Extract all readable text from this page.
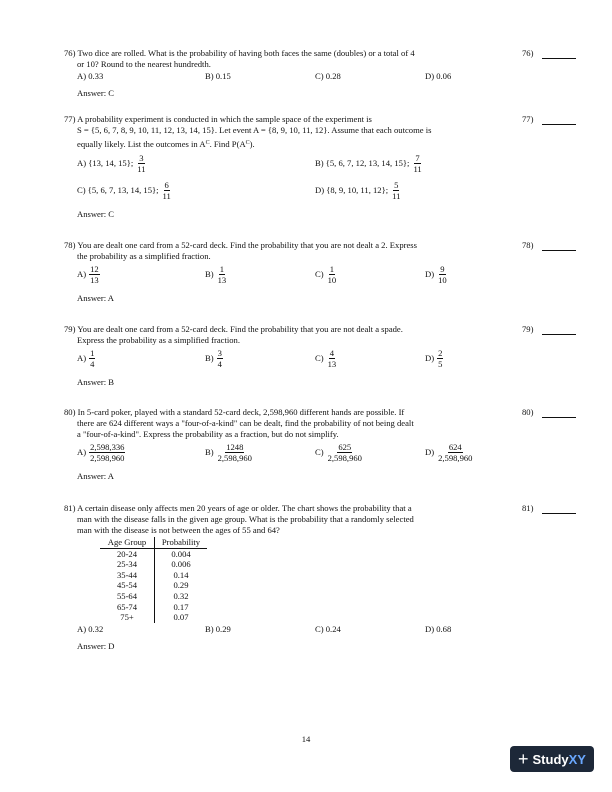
76) Two dice are rolled. What is the probability of having both faces the same (doubles) or a total of 4
or 10? Round to the nearest hundredth.
A) 0.33	B) 0.15	C) 0.28	D) 0.06
Answer: C
76)
77) A probability experiment is conducted in which the sample space of the experiment is
S = {5, 6, 7, 8, 9, 10, 11, 12, 13, 14, 15}. Let event A = {8, 9, 10, 11, 12}. Assume that each outcome is
equally likely. List the outcomes in $A^C$. Find $P(A^C)$.
A) {13, 14, 15}; $\frac{3}{11}$	B) {5, 6, 7, 12, 13, 14, 15}; $\frac{7}{11}$
C) {5, 6, 7, 13, 14, 15}; $\frac{6}{11}$	D) {8, 9, 10, 11, 12}; $\frac{5}{11}$
Answer: C
77)
78) You are dealt one card from a 52-card deck. Find the probability that you are not dealt a 2. Express
the probability as a simplified fraction.
$A) \frac{12}{13}$	$B) \frac{1}{13}$	$C) \frac{1}{10}$	$D) \frac{9}{10}$
Answer: A
78)
79) You are dealt one card from a 52-card deck. Find the probability that you are not dealt a spade.
Express the probability as a simplified fraction.
$A) \frac{1}{4}$	$B) \frac{3}{4}$	$C) \frac{4}{13}$	$D) \frac{2}{5}$
Answer: B
79)
80) In 5-card poker, played with a standard 52-card deck, 2,598,960 different hands are possible. If
there are 624 different ways a "four-of-a-kind" can be dealt, find the probability of not being dealt
a "four-of-a-kind". Express the probability as a fraction, but do not simplify.
$A) \frac{2,598,336}{2,598,960}$	$B) \frac{1248}{2,598,960}$	$C) \frac{625}{2,598,960}$	$D) \frac{624}{2,598,960}$
Answer: A
80)
81) A certain disease only affects men 20 years of age or older. The chart shows the probability that a
man with the disease falls in the given age group. What is the probability that a randomly selected
man with the disease is not between the ages of 55 and 64?
Age Group	Probability
20-24	0.004
25-34	0.006
35-44	0.14
45-54	0.29
55-64	0.32
65-74	0.17
75+	0.07
A) 0.32	B) 0.29	C) 0.24	D) 0.68
Answer: D
81)
14
+ Study XY
